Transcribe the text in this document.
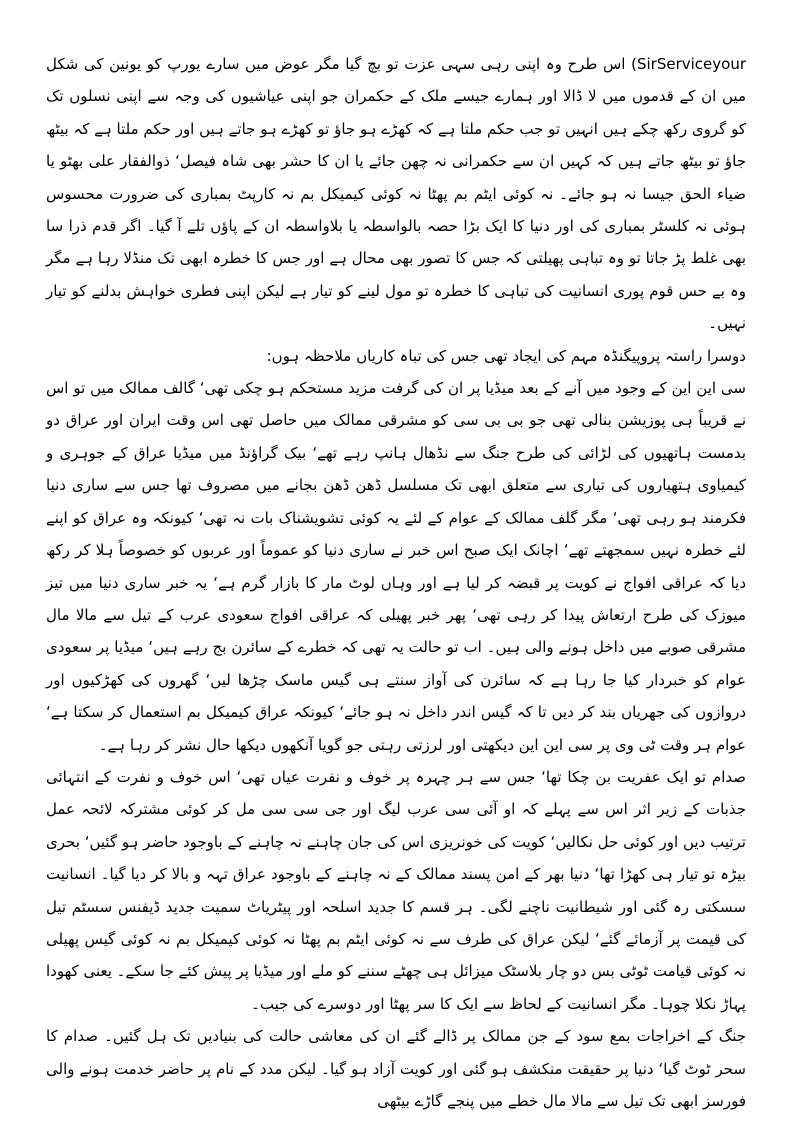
SirServiceyour) اس طرح وہ اپنی رہی سہی عزت تو بچ گیا مگر عوض میں سارے یورپ کو یونین کی شکل میں ان کے قدموں میں لا ڈالا اور ہمارے جیسے ملک کے حکمران جو اپنی عیاشیوں کی وجہ سے اپنی نسلوں تک کو گروی رکھ چکے ہیں انہیں تو جب حکم ملتا ہے کہ کھڑے ہو جاؤ تو کھڑے ہو جاتے ہیں اور حکم ملتا ہے کہ بیٹھ جاؤ تو بیٹھ جاتے ہیں کہ کہیں ان سے حکمرانی نہ چھن جائے یا ان کا حشر بھی شاہ فیصل‘ ذوالفقار علی بھٹو یا ضیاء الحق جیسا نہ ہو جائے۔ نہ کوئی ایٹم بم پھٹا نہ کوئی کیمیکل بم نہ کارپٹ بمباری کی ضرورت محسوس ہوئی نہ کلسٹر بمباری کی اور دنیا کا ایک بڑا حصہ بالواسطہ یا بلاواسطہ ان کے پاؤں تلے آ گیا۔ اگر قدم ذرا سا بھی غلط پڑ جاتا تو وہ تباہی پھیلتی کہ جس کا تصور بھی محال ہے اور جس کا خطرہ ابھی تک منڈلا رہا ہے مگر وہ بے حس قوم پوری انسانیت کی تباہی کا خطرہ تو مول لینے کو تیار ہے لیکن اپنی فطری خواہش بدلنے کو تیار نہیں۔

دوسرا راستہ پروپیگنڈہ مہم کی ایجاد تھی جس کی تباہ کاریاں ملاحظہ ہوں:

سی این این کے وجود میں آنے کے بعد میڈیا پر ان کی گرفت مزید مستحکم ہو چکی تھی‘ گالف ممالک میں تو اس نے قریباً ہی پوزیشن بنالی تھی جو بی بی سی کو مشرقی ممالک میں حاصل تھی اس وقت ایران اور عراق دو بدمست ہاتھیوں کی لڑائی کی طرح جنگ سے نڈھال ہانپ رہے تھے‘ بیک گراؤنڈ میں میڈیا عراق کے جوہری و کیمیاوی ہتھیاروں کی تیاری سے متعلق ابھی تک مسلسل ڈھن ڈھن بجانے میں مصروف تھا جس سے ساری دنیا فکرمند ہو رہی تھی‘ مگر گلف ممالک کے عوام کے لئے یہ کوئی تشویشناک بات نہ تھی‘ کیونکہ وہ عراق کو اپنے لئے خطرہ نہیں سمجھتے تھے‘ اچانک ایک صبح اس خبر نے ساری دنیا کو عموماً اور عربوں کو خصوصاً ہلا کر رکھ دیا کہ عراقی افواج نے کویت پر قبضہ کر لیا ہے اور وہاں لوٹ مار کا بازار گرم ہے‘ یہ خبر ساری دنیا میں تیز میوزک کی طرح ارتعاش پیدا کر رہی تھی‘ پھر خبر پھیلی کہ عراقی افواج سعودی عرب کے تیل سے مالا مال مشرقی صوبے میں داخل ہونے والی ہیں۔ اب تو حالت یہ تھی کہ خطرے کے سائرن بج رہے ہیں‘ میڈیا پر سعودی عوام کو خبردار کیا جا رہا ہے کہ سائرن کی آواز سنتے ہی گیس ماسک چڑھا لیں‘ گھروں کی کھڑکیوں اور دروازوں کی جھریاں بند کر دیں تا کہ گیس اندر داخل نہ ہو جائے‘ کیونکہ عراق کیمیکل بم استعمال کر سکتا ہے‘ عوام ہر وقت ٹی وی پر سی این این دیکھتی اور لرزتی رہتی جو گویا آنکھوں دیکھا حال نشر کر رہا ہے۔

صدام تو ایک عفریت بن چکا تھا‘ جس سے ہر چہرہ پر خوف و نفرت عیاں تھی‘ اس خوف و نفرت کے انتہائی جذبات کے زیر اثر اس سے پہلے کہ او آئی سی عرب لیگ اور جی سی سی مل کر کوئی مشترکہ لائحہ عمل ترتیب دیں اور کوئی حل نکالیں‘ کویت کی خونریزی اس کی جان چاہنے نہ چاہنے کے باوجود حاضر ہو گئیں‘ بحری بیڑہ تو تیار ہی کھڑا تھا‘ دنیا بھر کے امن پسند ممالک کے نہ چاہنے کے باوجود عراق تہہ و بالا کر دیا گیا۔ انسانیت سسکتی رہ گئی اور شیطانیت ناچنے لگی۔ ہر قسم کا جدید اسلحہ اور پیٹریاٹ سمیت جدید ڈیفنس سسٹم تیل کی قیمت پر آزمائے گئے‘ لیکن عراق کی طرف سے نہ کوئی ایٹم بم پھٹا نہ کوئی کیمیکل بم نہ کوئی گیس پھیلی نہ کوئی قیامت ٹوٹی بس دو چار بلاسٹک میزائل ہی چھٹے سننے کو ملے اور میڈیا پر پیش کئے جا سکے۔ یعنی کھودا پہاڑ نکلا چوہا۔ مگر انسانیت کے لحاظ سے ایک کا سر پھٹا اور دوسرے کی جیب۔

جنگ کے اخراجات بمع سود کے جن ممالک پر ڈالے گئے ان کی معاشی حالت کی بنیادیں تک ہل گئیں۔ صدام کا سحر ٹوٹ گیا‘ دنیا پر حقیقت منکشف ہو گئی اور کویت آزاد ہو گیا۔ لیکن مدد کے نام پر حاضر خدمت ہونے والی فورسز ابھی تک تیل سے مالا مال خطے میں پنجے گاڑے بیٹھی
